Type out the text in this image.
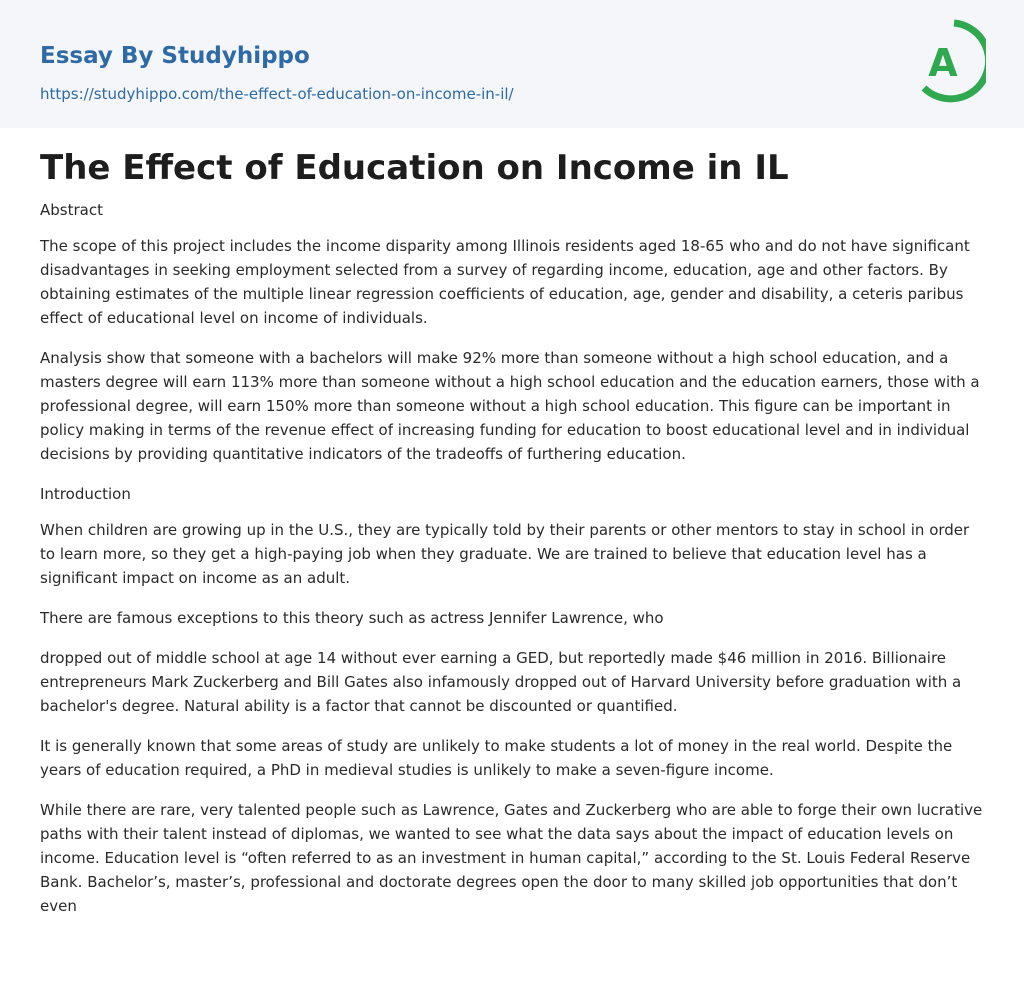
Essay By Studyhippo
https://studyhippo.com/the-effect-of-education-on-income-in-il/
A
The Effect of Education on Income in IL
Abstract

The scope of this project includes the income disparity among Illinois residents aged 18-65 who and do not have significant disadvantages in seeking employment selected from a survey of regarding income, education, age and other factors. By obtaining estimates of the multiple linear regression coefficients of education, age, gender and disability, a ceteris paribus effect of educational level on income of individuals.

Analysis show that someone with a bachelors will make 92% more than someone without a high school education, and a masters degree will earn 113% more than someone without a high school education and the education earners, those with a professional degree, will earn 150% more than someone without a high school education. This figure can be important in policy making in terms of the revenue effect of increasing funding for education to boost educational level and in individual decisions by providing quantitative indicators of the tradeoffs of furthering education.

Introduction

When children are growing up in the U.S., they are typically told by their parents or other mentors to stay in school in order to learn more, so they get a high-paying job when they graduate. We are trained to believe that education level has a significant impact on income as an adult.

There are famous exceptions to this theory such as actress Jennifer Lawrence, who

dropped out of middle school at age 14 without ever earning a GED, but reportedly made $46 million in 2016. Billionaire entrepreneurs Mark Zuckerberg and Bill Gates also infamously dropped out of Harvard University before graduation with a bachelor's degree. Natural ability is a factor that cannot be discounted or quantified.

It is generally known that some areas of study are unlikely to make students a lot of money in the real world. Despite the years of education required, a PhD in medieval studies is unlikely to make a seven-figure income.

While there are rare, very talented people such as Lawrence, Gates and Zuckerberg who are able to forge their own lucrative paths with their talent instead of diplomas, we wanted to see what the data says about the impact of education levels on income. Education level is “often referred to as an investment in human capital,” according to the St. Louis Federal Reserve Bank. Bachelor’s, master’s, professional and doctorate degrees open the door to many skilled job opportunities that don’t even
